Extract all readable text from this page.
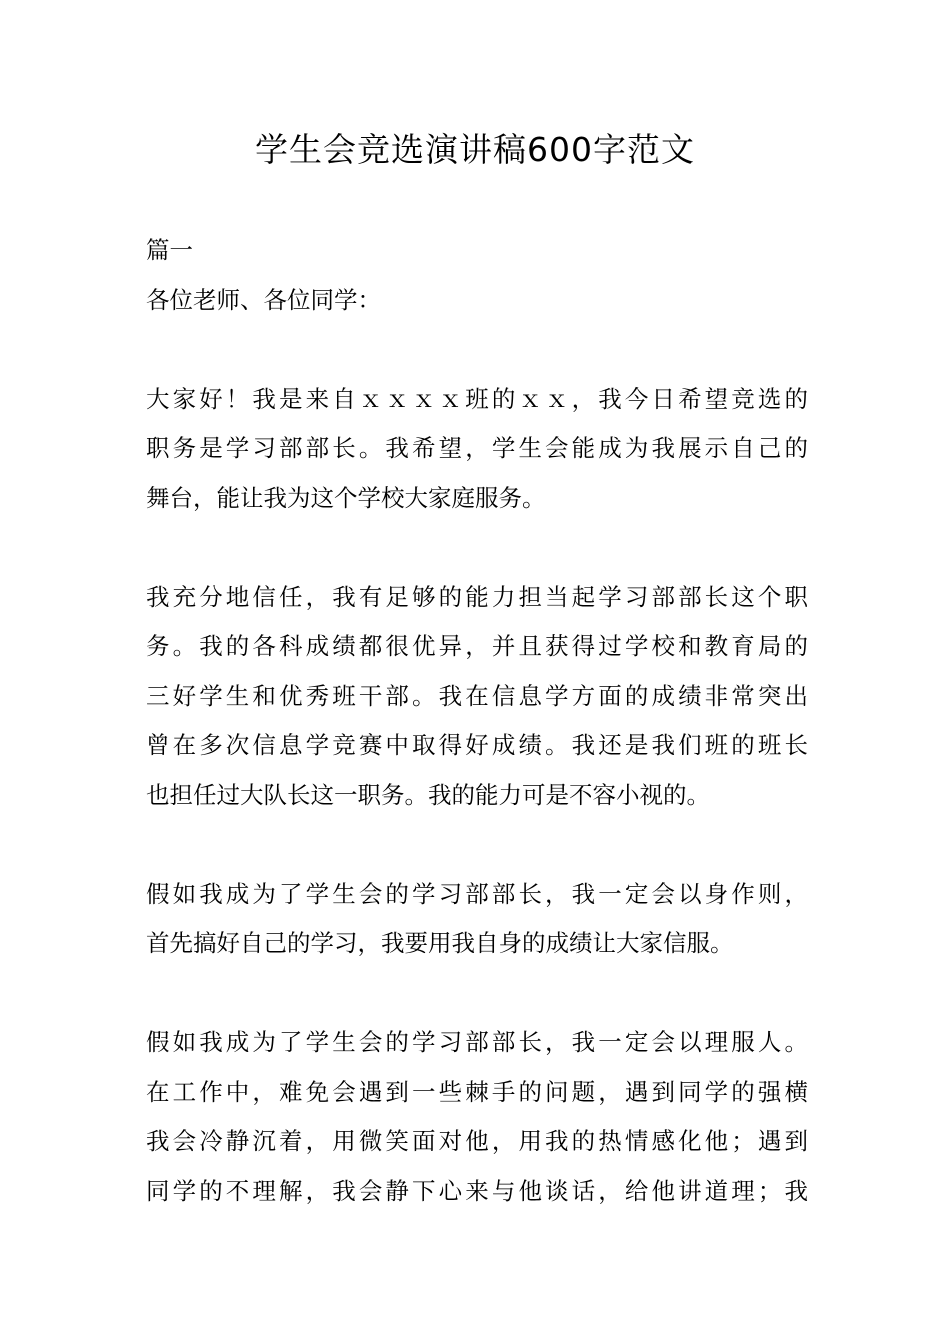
学生会竞选演讲稿600字范文
篇一
各位老师、各位同学：
大家好！我是来自ｘｘｘｘ班的ｘｘ，我今日希望竞选的
职务是学习部部长。我希望，学生会能成为我展示自己的
舞台，能让我为这个学校大家庭服务。
我充分地信任，我有足够的能力担当起学习部部长这个职
务。我的各科成绩都很优异，并且获得过学校和教育局的
三好学生和优秀班干部。我在信息学方面的成绩非常突出
曾在多次信息学竞赛中取得好成绩。我还是我们班的班长
也担任过大队长这一职务。我的能力可是不容小视的。
假如我成为了学生会的学习部部长，我一定会以身作则，
首先搞好自己的学习，我要用我自身的成绩让大家信服。
假如我成为了学生会的学习部部长，我一定会以理服人。
在工作中，难免会遇到一些棘手的问题，遇到同学的强横
我会冷静沉着，用微笑面对他，用我的热情感化他；遇到
同学的不理解，我会静下心来与他谈话，给他讲道理；我
